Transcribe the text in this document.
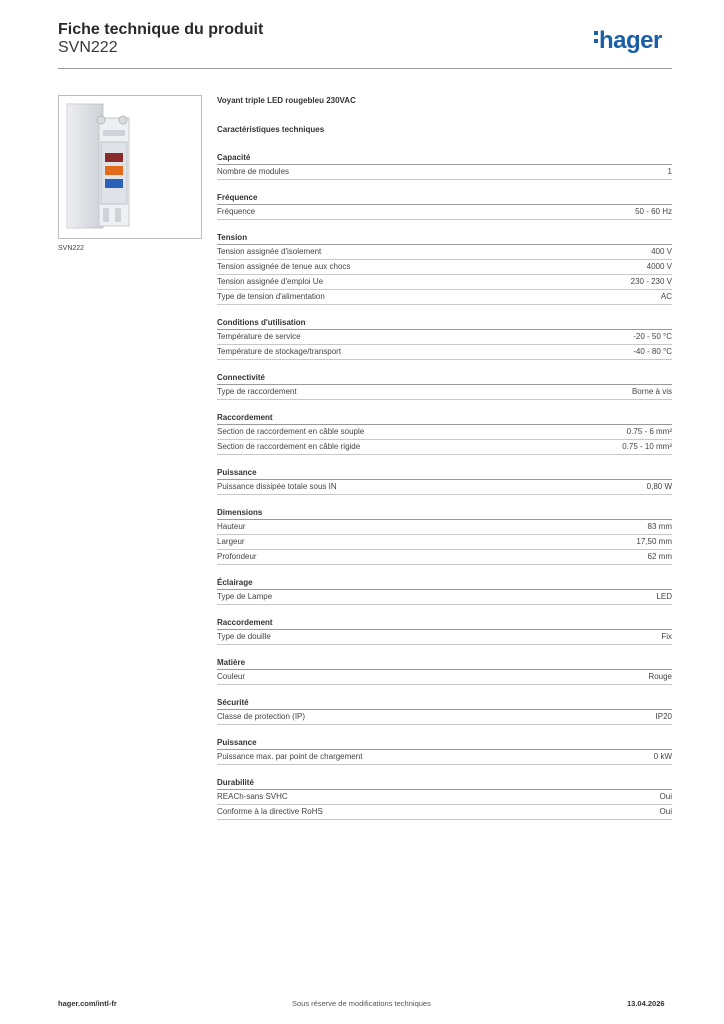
Fiche technique du produit
SVN222	hager
SVN222
Voyant triple LED rougebleu 230VAC
Caractéristiques techniques
Capacité
Nombre de modules	1
Fréquence
Fréquence	50 - 60 Hz
Tension
Tension assignée d'isolement	400 V
Tension assignée de tenue aux chocs	4000 V
Tension assignée d'emploi Ue	230 - 230 V
Type de tension d'alimentation	AC
Conditions d'utilisation
Température de service	-20 - 50 °C
Température de stockage/transport	-40 - 80 °C
Connectivité
Type de raccordement	Borne à vis
Raccordement
Section de raccordement en câble souple	0.75 - 6 mm²
Section de raccordement en câble rigide	0.75 - 10 mm²
Puissance
Puissance dissipée totale sous IN	0,80 W
Dimensions
Hauteur	83 mm
Largeur	17,50 mm
Profondeur	62 mm
Éclairage
Type de Lampe	LED
Raccordement
Type de douille	Fix
Matière
Couleur	Rouge
Sécurité
Classe de protection (IP)	IP20
Puissance
Puissance max. par point de chargement	0 kW
Durabilité
REACh-sans SVHC	Oui
Conforme à la directive RoHS	Oui
hager.com/intl-fr	Sous réserve de modifications techniques	13.04.2026
